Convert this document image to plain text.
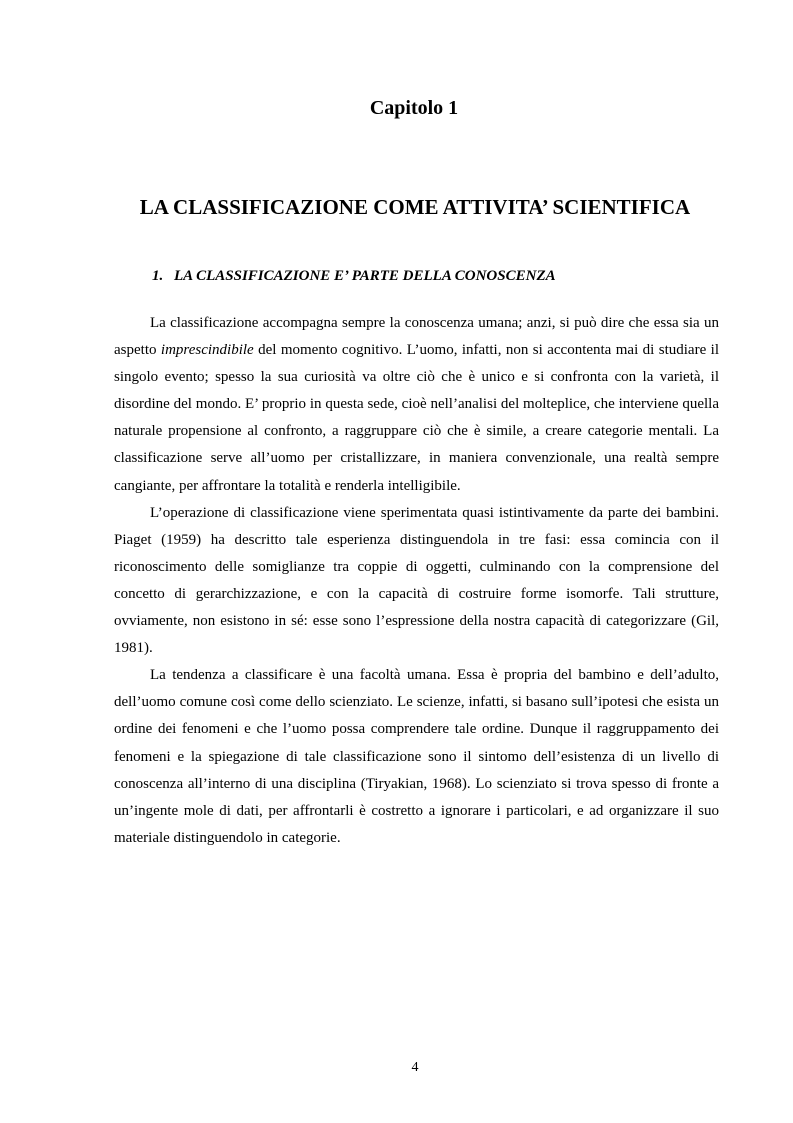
Capitolo 1
LA CLASSIFICAZIONE COME ATTIVITA’ SCIENTIFICA
1. LA CLASSIFICAZIONE E’ PARTE DELLA CONOSCENZA

La classificazione accompagna sempre la conoscenza umana; anzi, si può dire che essa sia un aspetto imprescindibile del momento cognitivo. L’uomo, infatti, non si accontenta mai di studiare il singolo evento; spesso la sua curiosità va oltre ciò che è unico e si confronta con la varietà, il disordine del mondo. E’ proprio in questa sede, cioè nell’analisi del molteplice, che interviene quella naturale propensione al confronto, a raggruppare ciò che è simile, a creare categorie mentali. La classificazione serve all’uomo per cristallizzare, in maniera convenzionale, una realtà sempre cangiante, per affrontare la totalità e renderla intelligibile.

L’operazione di classificazione viene sperimentata quasi istintivamente da parte dei bambini. Piaget (1959) ha descritto tale esperienza distinguendola in tre fasi: essa comincia con il riconoscimento delle somiglianze tra coppie di oggetti, culminando con la comprensione del concetto di gerarchizzazione, e con la capacità di costruire forme isomorfe. Tali strutture, ovviamente, non esistono in sé: esse sono l’espressione della nostra capacità di categorizzare (Gil, 1981).

La tendenza a classificare è una facoltà umana. Essa è propria del bambino e dell’adulto, dell’uomo comune così come dello scienziato. Le scienze, infatti, si basano sull’ipotesi che esista un ordine dei fenomeni e che l’uomo possa comprendere tale ordine. Dunque il raggruppamento dei fenomeni e la spiegazione di tale classificazione sono il sintomo dell’esistenza di un livello di conoscenza all’interno di una disciplina (Tiryakian, 1968). Lo scienziato si trova spesso di fronte a un’ingente mole di dati, per affrontarli è costretto a ignorare i particolari, e ad organizzare il suo materiale distinguendolo in categorie.

4
